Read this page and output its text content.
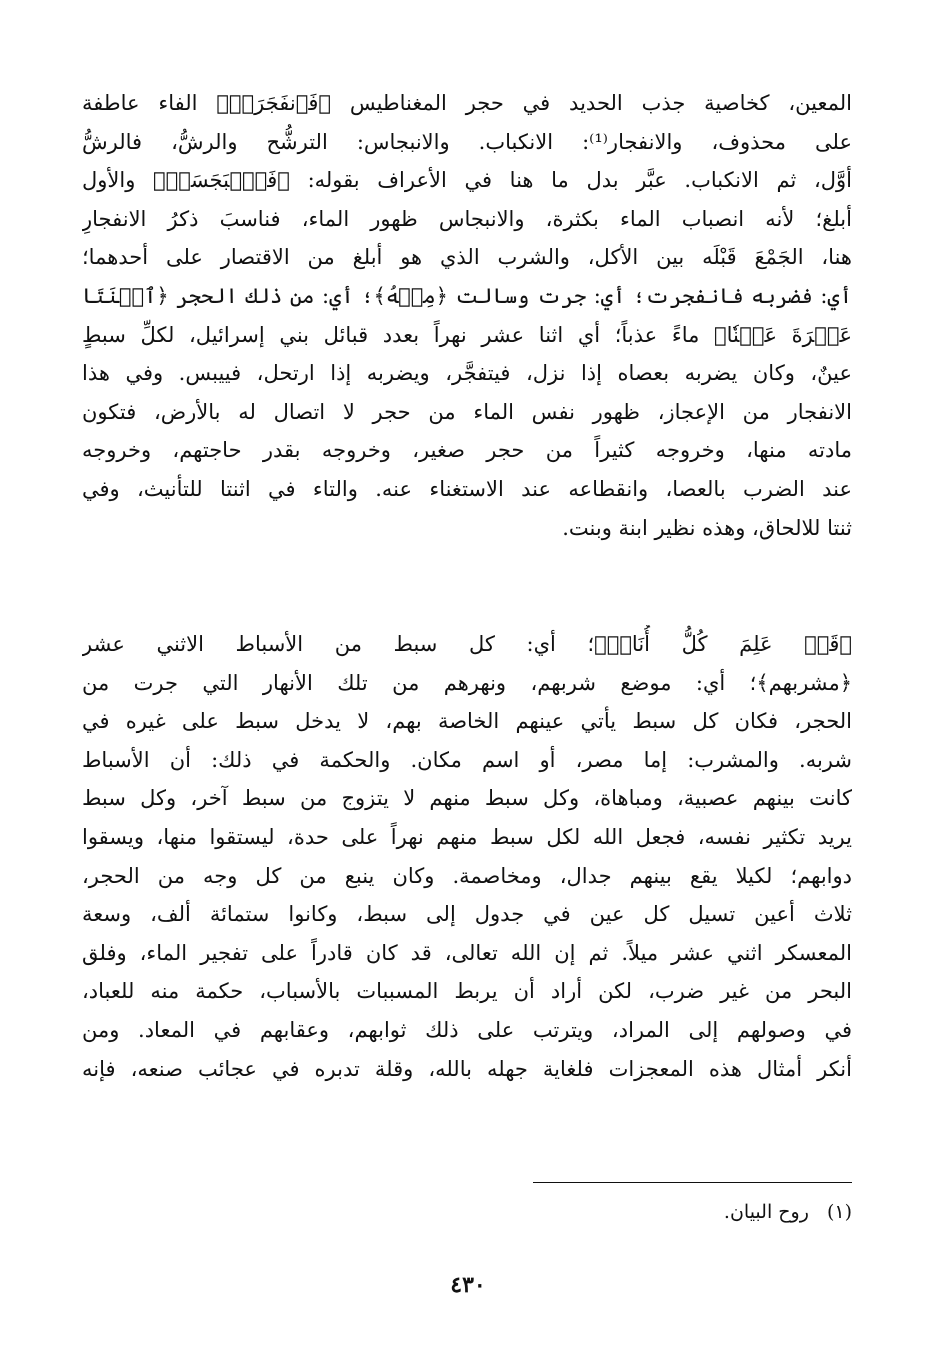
المعين، كخاصية جذب الحديد في حجر المغناطيس ﴿فَٱنفَجَرَتۡ﴾ الفاء عاطفة
على محذوف، والانفجار⁽¹⁾: الانكباب. والانبجاس: الترشُّح والرشُّ، فالرشُّ
أوَّل، ثم الانكباب. عبَّر بدل ما هنا في الأعراف بقوله: ﴿فَٱنۢبَجَسَتۡ﴾ والأول
أبلغ؛ لأنه انصباب الماء بكثرة، والانبجاس ظهور الماء، فناسبَ ذكرُ الانفجارِ
هنا، الجَمْعَ قَبْلَه بين الأكل، والشرب الذي هو أبلغ من الاقتصار على أحدهما؛
أي: فضربه فانفجرت؛ أي: جرت وسالت ﴿مِنۡهُ﴾؛ أي: من ذلك الحجر ﴿ٱثۡنَتَا
عَشۡرَةَ عَيۡنٗا﴾ ماءً عذباً؛ أي اثنا عشر نهراً بعدد قبائل بني إسرائيل، لكلِّ سبطٍ
عينٌ، وكان يضربه بعصاه إذا نزل، فيتفجَّر، ويضربه إذا ارتحل، فييبس. وفي هذا
الانفجار من الإعجاز، ظهور نفس الماء من حجر لا اتصال له بالأرض، فتكون
مادته منها، وخروجه كثيراً من حجر صغير، وخروجه بقدر حاجتهم، وخروجه
عند الضرب بالعصا، وانقطاعه عند الاستغناء عنه. والتاء في اثنتا للتأنيث، وفي
ثنتا للالحاق، وهذه نظير ابنة وبنت.
﴿قَدۡ عَلِمَ كُلُّ أُنَاسٖ﴾؛ أي: كل سبط من الأسباط الاثني عشر
﴿مشربهم﴾؛ أي: موضع شربهم، ونهرهم من تلك الأنهار التي جرت من
الحجر، فكان كل سبط يأتي عينهم الخاصة بهم، لا يدخل سبط على غيره في
شربه. والمشرب: إما مصر، أو اسم مكان. والحكمة في ذلك: أن الأسباط
كانت بينهم عصبية، ومباهاة، وكل سبط منهم لا يتزوج من سبط آخر، وكل سبط
يريد تكثير نفسه، فجعل الله لكل سبط منهم نهراً على حدة، ليستقوا منها، ويسقوا
دوابهم؛ لكيلا يقع بينهم جدال، ومخاصمة. وكان ينبع من كل وجه من الحجر،
ثلاث أعين تسيل كل عين في جدول إلى سبط، وكانوا ستمائة ألف، وسعة
المعسكر اثني عشر ميلاً. ثم إن الله تعالى، قد كان قادراً على تفجير الماء، وفلق
البحر من غير ضرب، لكن أراد أن يربط المسببات بالأسباب، حكمة منه للعباد،
في وصولهم إلى المراد، ويترتب على ذلك ثوابهم، وعقابهم في المعاد. ومن
أنكر أمثال هذه المعجزات فلغاية جهله بالله، وقلة تدبره في عجائب صنعه، فإنه
(١) روح البيان.
٤٣٠
